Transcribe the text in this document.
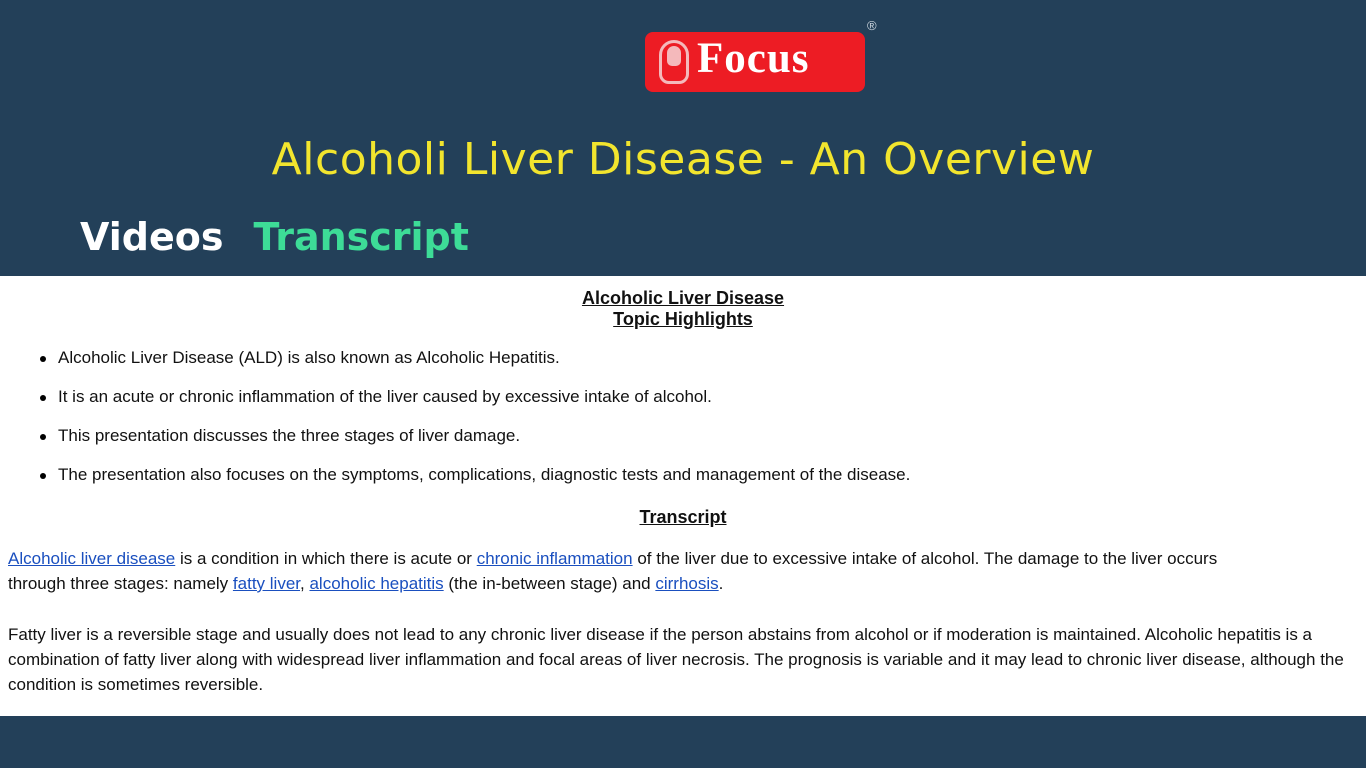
Focus
®
Alcoholi Liver Disease - An Overview
Videos Transcript
Alcoholic Liver Disease
Topic Highlights
Alcoholic Liver Disease (ALD) is also known as Alcoholic Hepatitis.
It is an acute or chronic inflammation of the liver caused by excessive intake of alcohol.
This presentation discusses the three stages of liver damage.
The presentation also focuses on the symptoms, complications, diagnostic tests and management of the disease.
Transcript

Alcoholic liver disease is a condition in which there is acute or chronic inflammation of the liver due to excessive intake of alcohol. The damage to the liver occurs
through three stages: namely fatty liver, alcoholic hepatitis (the in-between stage) and cirrhosis.

Fatty liver is a reversible stage and usually does not lead to any chronic liver disease if the person abstains from alcohol or if moderation is maintained. Alcoholic hepatitis is a combination of fatty liver along with widespread liver inflammation and focal areas of liver necrosis. The prognosis is variable and it may lead to chronic liver disease, although the condition is sometimes reversible.
